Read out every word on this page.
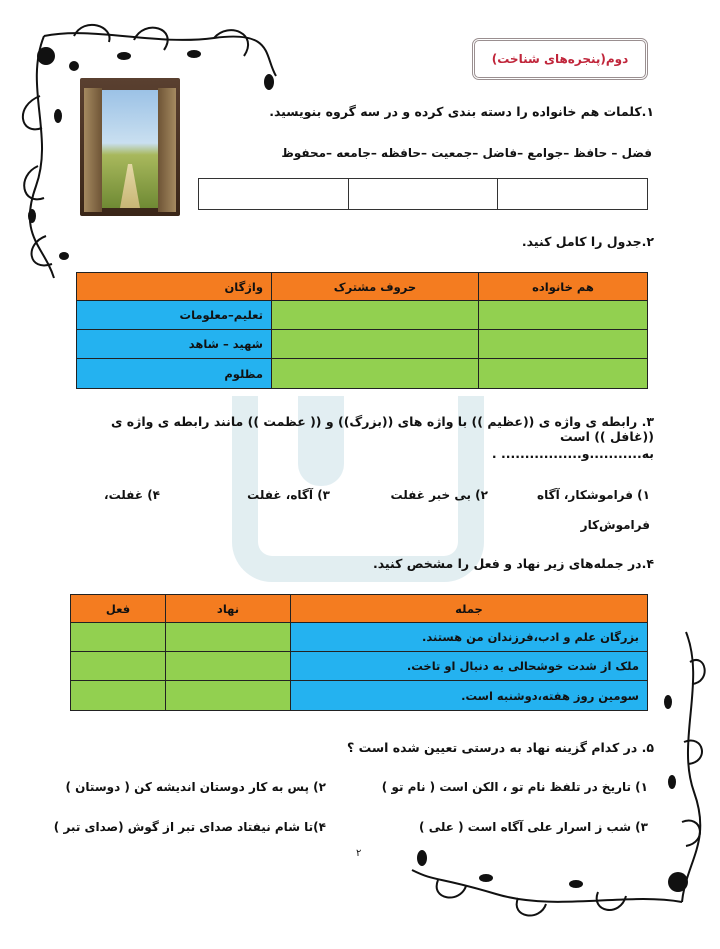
دوم(پنجره‌های شناخت)
۱.کلمات هم خانواده را دسته بندی کرده و در سه گروه بنویسید.
فضل – حافظ –جوامع –فاضل –جمعیت –حافظه –جامعه –محفوظ

۲.جدول را کامل کنید.
واژگان	حروف مشترک	هم خانواده
تعلیم–معلومات		
شهید – شاهد		
مظلوم		
۳. رابطه ی واژه ی ((عظیم )) با واژه های ((بزرگ)) و (( عظمت )) مانند رابطه ی واژه ی ((غافل )) است
به...........و................. .
۱) فراموشکار، آگاه
۲) بی خبر غفلت
۳) آگاه، غفلت
۴) غفلت،
فراموش‌کار
۴.در جمله‌های زیر نهاد و فعل را مشخص کنید.
فعل	نهاد	جمله
		بزرگان علم و ادب،فرزندان من هستند.
		ملک از شدت خوشحالی به دنبال او تاخت.
		سومین روز هفته،دوشنبه است.
۵. در کدام گزینه نهاد به درستی تعیین شده است ؟
۱) تاریخ در تلفظ نام تو ، الکن است ( نام تو )
۲) پس به کار دوستان اندیشه کن ( دوستان )
۳) شب ز اسرار علی آگاه است ( علی )
۴)تا شام نیفتاد صدای تبر از گوش (صدای تبر )
۲
